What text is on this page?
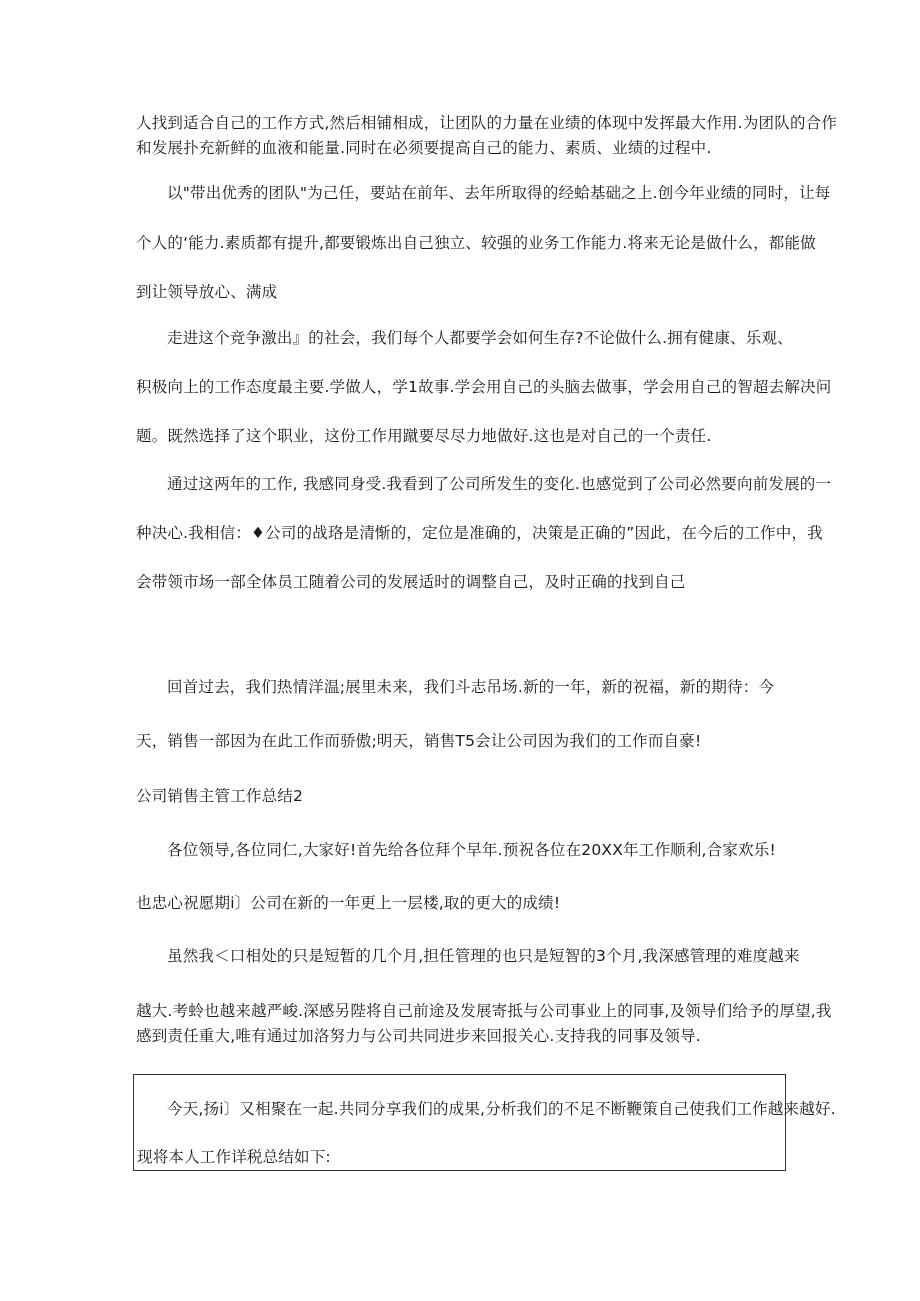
人找到适合自己的工作方式,然后相铺相成，让团队的力量在业绩的体现中发挥最大作用.为团队的合作
和发展扑充新鲜的血液和能量.同时在必须要提高自己的能力、素质、业绩的过程中.
以"带出优秀的团队"为己任，要站在前年、去年所取得的经蛤基础之上.创今年业绩的同时，让每
个人的‘能力.素质都有提升,都要锻炼出自己独立、较强的业务工作能力.将来无论是做什么，都能做
到让领导放心、满成
走进这个竞争激出』的社会，我们每个人都要学会如何生存?不论做什么.拥有健康、乐观、
积极向上的工作态度最主要.学做人，学1故事.学会用自己的头脑去做事，学会用自己的智超去解决问
题。既然选择了这个职业，这份工作用蹴要尽尽力地做好.这也是对自己的一个责任.
通过这两年的工作, 我感同身受.我看到了公司所发生的变化.也感觉到了公司必然要向前发展的一
种决心.我相信：♦公司的战珞是清惭的，定位是准确的，决策是正确的”因此，在今后的工作中，我
会带领市场一部全体员工随着公司的发展适时的调整自己，及时正确的找到自己
回首过去，我们热情洋温;展里未来，我们斗志吊场.新的一年，新的祝福，新的期待：今
天，销售一部因为在此工作而骄傲;明天，销售T5会让公司因为我们的工作而自豪!
公司销售主管工作总结2
各位领导,各位同仁,大家好!首先给各位拜个早年.预祝各位在20XX年工作顺利,合家欢乐!
也忠心祝愿期i〕公司在新的一年更上一层楼,取的更大的成绩!
虽然我＜口相处的只是短暂的几个月,担任管理的也只是短智的3个月,我深感管理的难度越来
越大.考蛉也越来越严峻.深感另陛将自己前途及发展寄抵与公司事业上的同事,及领导们给予的厚望,我
感到责任重大,唯有通过加洛努力与公司共同进步来回报关心.支持我的同事及领导.
今天,扬i〕又相聚在一起.共同分享我们的成果,分析我们的不足不断鞭策自己使我们工作越来越好.
现将本人工作详税总结如下:
